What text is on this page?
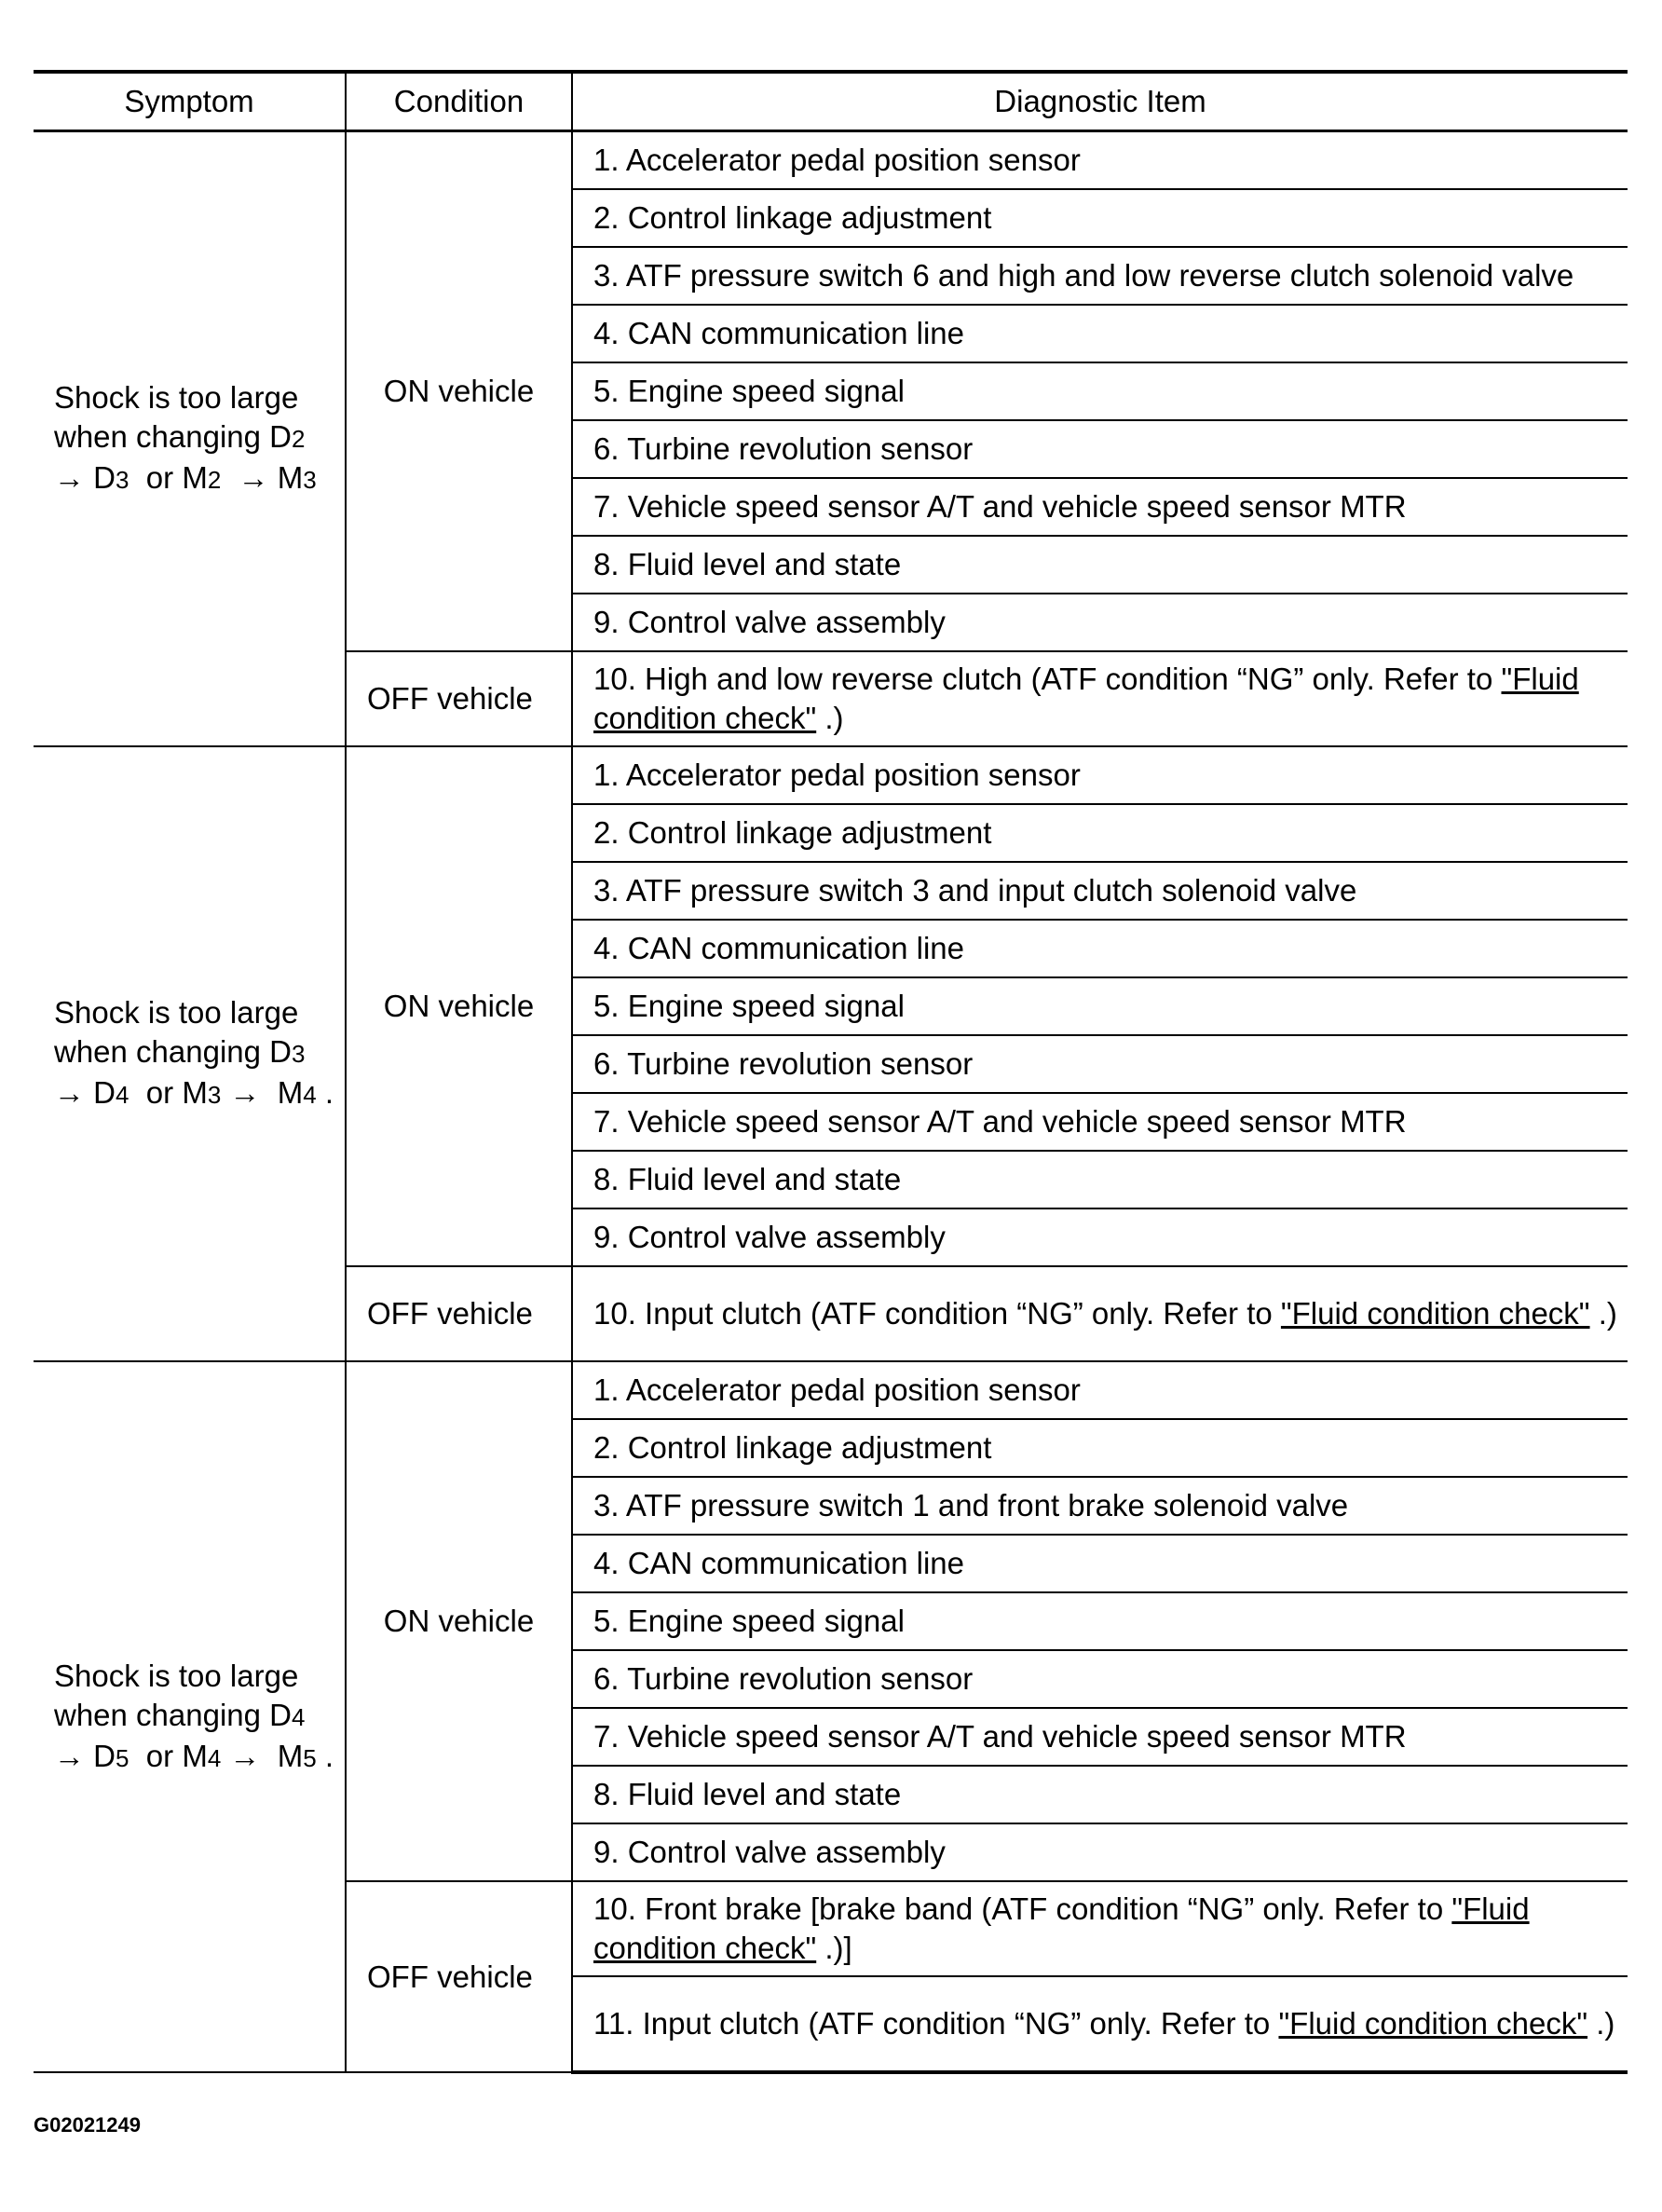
Symptom	Condition	Diagnostic Item

Shock is too large
when changing D2
→ D3  or M2  → M3	ON vehicle	1. Accelerator pedal position sensor
		2. Control linkage adjustment
		3. ATF pressure switch 6 and high and low reverse clutch solenoid valve
		4. CAN communication line
		5. Engine speed signal
		6. Turbine revolution sensor
		7. Vehicle speed sensor A/T and vehicle speed sensor MTR
		8. Fluid level and state
		9. Control valve assembly
	OFF vehicle	10. High and low reverse clutch (ATF condition “NG” only. Refer to "Fluid condition check" .)

Shock is too large
when changing D3
→ D4  or M3 →  M4 .	ON vehicle	1. Accelerator pedal position sensor
		2. Control linkage adjustment
		3. ATF pressure switch 3 and input clutch solenoid valve
		4. CAN communication line
		5. Engine speed signal
		6. Turbine revolution sensor
		7. Vehicle speed sensor A/T and vehicle speed sensor MTR
		8. Fluid level and state
		9. Control valve assembly
	OFF vehicle	10. Input clutch (ATF condition “NG” only. Refer to "Fluid condition check" .)

Shock is too large
when changing D4
→ D5  or M4 →  M5 .	ON vehicle	1. Accelerator pedal position sensor
		2. Control linkage adjustment
		3. ATF pressure switch 1 and front brake solenoid valve
		4. CAN communication line
		5. Engine speed signal
		6. Turbine revolution sensor
		7. Vehicle speed sensor A/T and vehicle speed sensor MTR
		8. Fluid level and state
		9. Control valve assembly
	OFF vehicle	10. Front brake [brake band (ATF condition “NG” only. Refer to "Fluid condition check" .)]
		11. Input clutch (ATF condition “NG” only. Refer to "Fluid condition check" .)
G02021249
